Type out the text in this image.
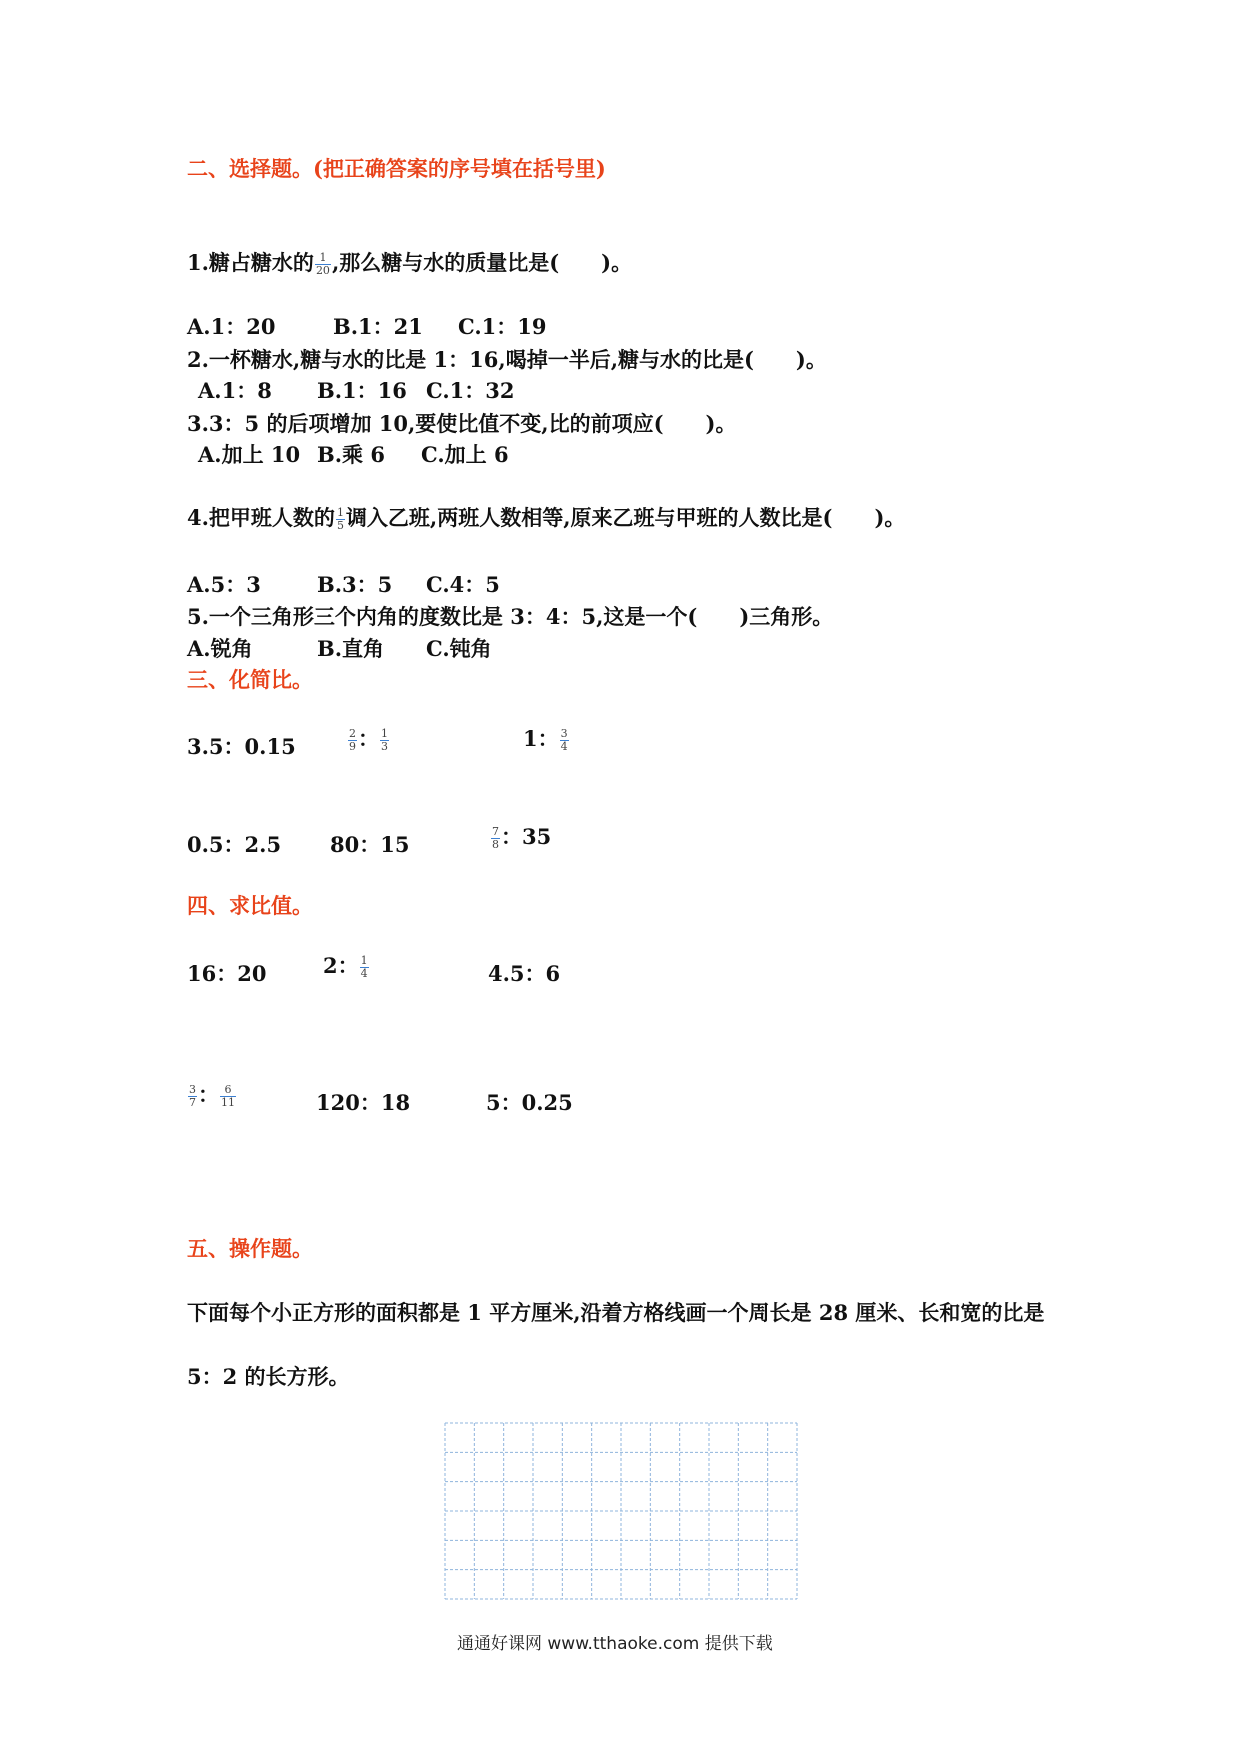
二、选择题。(把正确答案的序号填在括号里)
1.糖占糖水的 $\frac{1}{20}$ ,那么糖与水的质量比是(　　)。
A.1：20	B.1：21 C.1：19
2.一杯糖水,糖与水的比是 1：16,喝掉一半后,糖与水的比是(　　)。
A.1：8 B.1：16 C.1：32
3.3：5 的后项增加 10,要使比值不变,比的前项应(　　)。
A.加上 10 B.乘 6 C.加上 6
4.把甲班人数的 $\frac{1}{5}$ 调入乙班,两班人数相等,原来乙班与甲班的人数比是(　　)。
A.5：3	B.3：5 C.4：5
5.一个三角形三个内角的度数比是 3：4：5,这是一个(　　)三角形。
A.锐角	B.直角 C.钝角
三、化简比。
3.5：0.15	$\frac{2}{9}$ ： $\frac{1}{3}$	1： $\frac{3}{4}$
0.5：2.5 80：15	$\frac{7}{8}$ ：35
四、求比值。
16：20	2： $\frac{1}{4}$	4.5：6
$\frac{3}{7}$ ： $\frac{6}{11}$	120：18	5：0.25
五、操作题。
下面每个小正方形的面积都是 1 平方厘米,沿着方格线画一个周长是 28 厘米、长和宽的比是
5：2 的长方形。
通通好课网 www.tthaoke.com 提供下载
